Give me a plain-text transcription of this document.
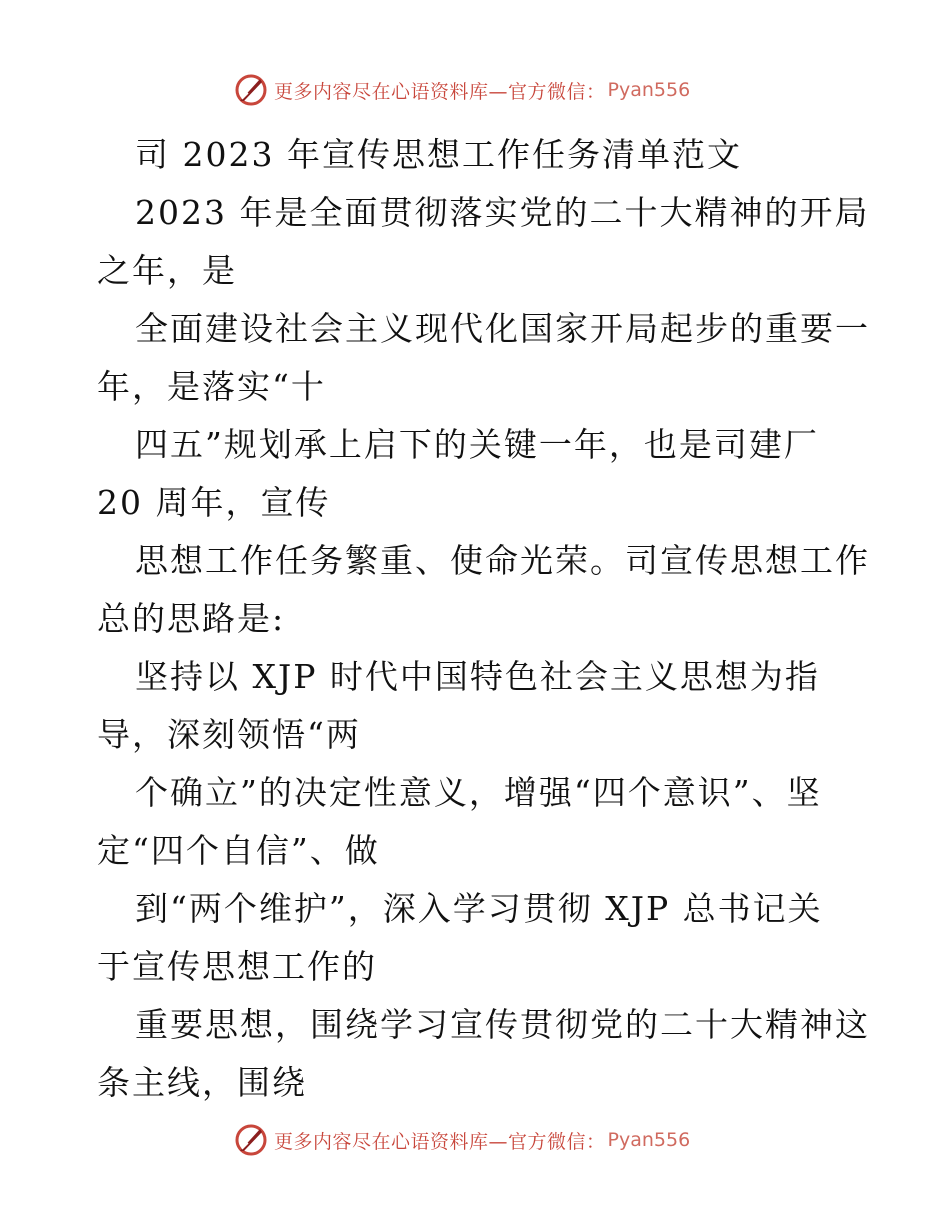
更多内容尽在心语资料库—官方微信： Pyan556
司 2023 年宣传思想工作任务清单范文
2023 年是全面贯彻落实党的二十大精神的开局
之年，是
全面建设社会主义现代化国家开局起步的重要一
年，是落实“十
四五”规划承上启下的关键一年，也是司建厂
20 周年，宣传
思想工作任务繁重、使命光荣。司宣传思想工作
总的思路是:
坚持以 XJP 时代中国特色社会主义思想为指
导，深刻领悟“两
个确立”的决定性意义，增强“四个意识”、坚
定“四个自信”、做
到“两个维护”，深入学习贯彻 XJP 总书记关
于宣传思想工作的
重要思想，围绕学习宣传贯彻党的二十大精神这
条主线，围绕
更多内容尽在心语资料库—官方微信： Pyan556
